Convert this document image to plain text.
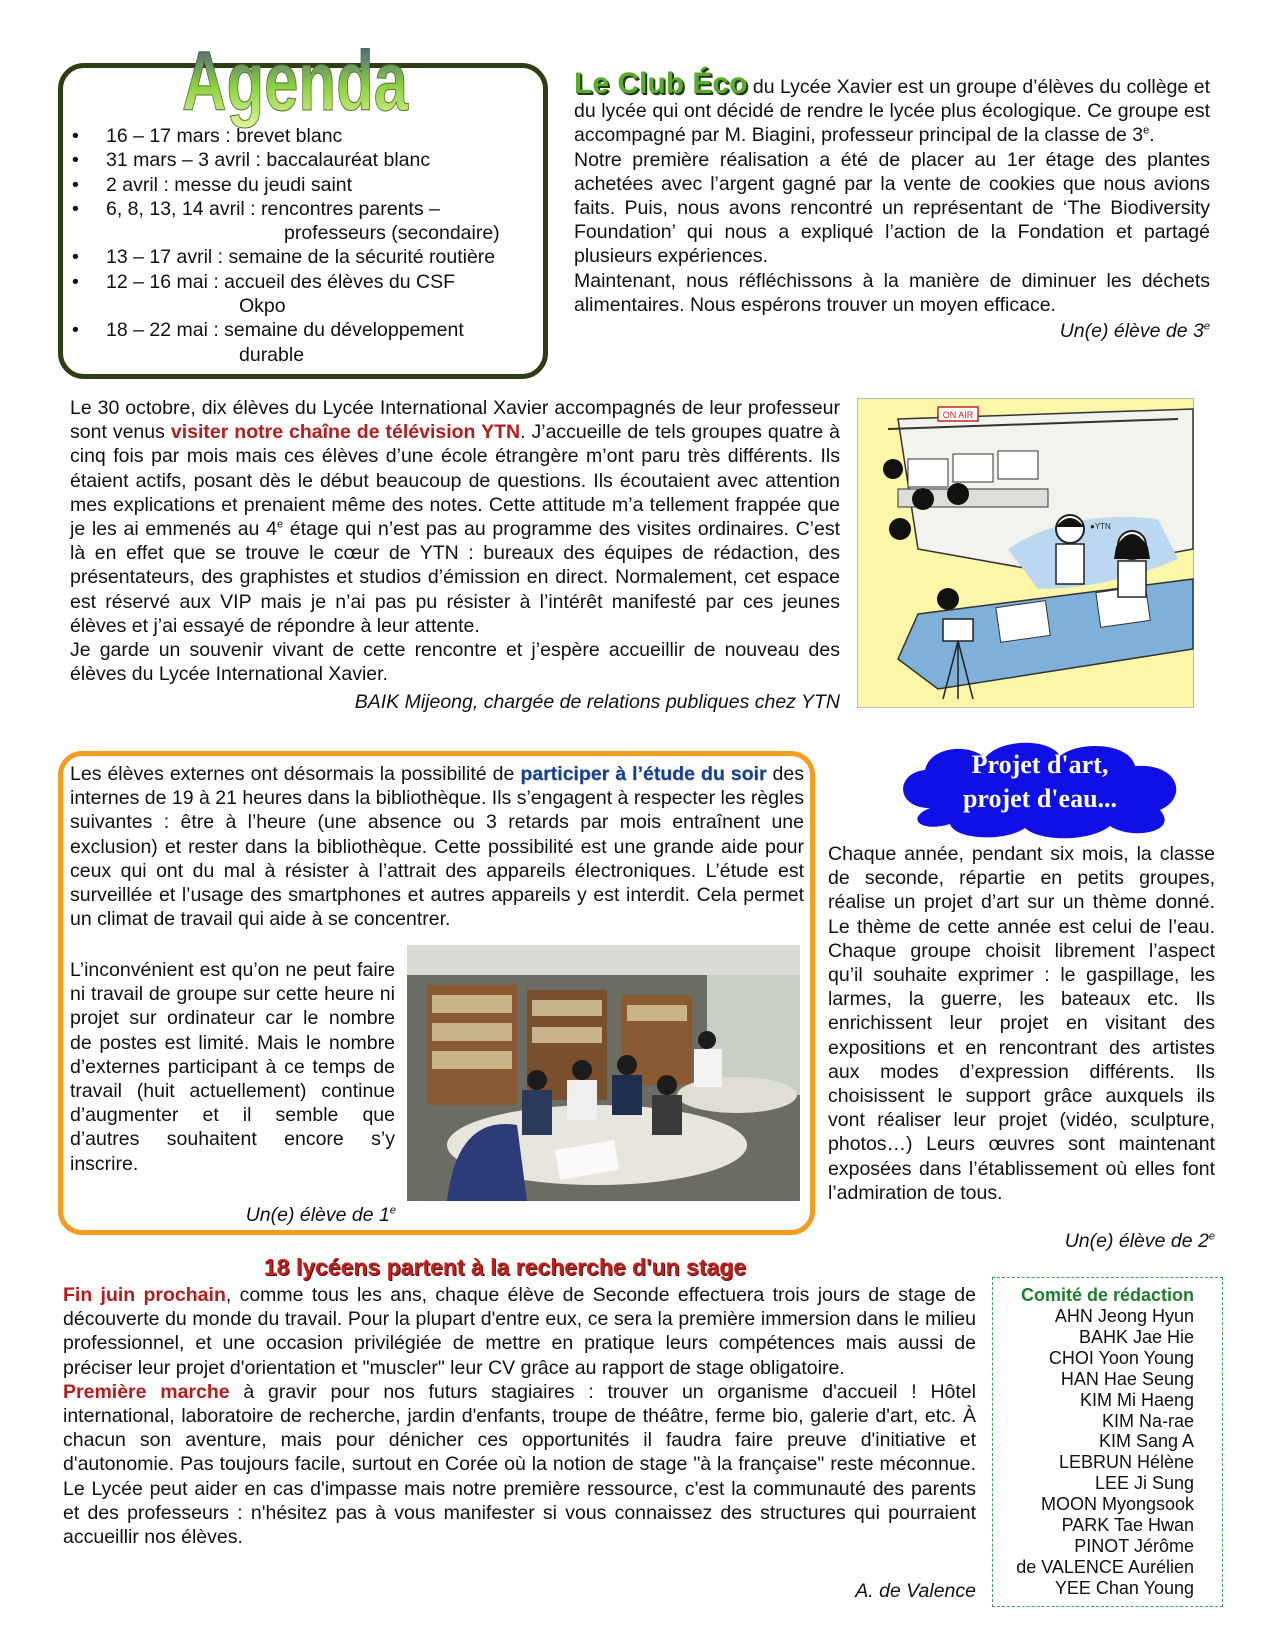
Agenda
• 16 – 17 mars : brevet blanc
• 31 mars – 3 avril : baccalauréat blanc
• 2 avril : messe du jeudi saint
• 6, 8, 13, 14 avril : rencontres parents –
professeurs (secondaire)
• 13 – 17 avril : semaine de la sécurité routière
• 12 – 16 mai : accueil des élèves du CSF
Okpo
• 18 – 22 mai : semaine du développement
durable

Le Club Éco du Lycée Xavier est un groupe d’élèves du collège et du lycée qui ont décidé de rendre le lycée plus écologique. Ce groupe est accompagné par M. Biagini, professeur principal de la classe de 3e.

Notre première réalisation a été de placer au 1er étage des plantes achetées avec l’argent gagné par la vente de cookies que nous avions faits. Puis, nous avons rencontré un représentant de ‘The Biodiversity Foundation’ qui nous a expliqué l’action de la Fondation et partagé plusieurs expériences.

Maintenant, nous réfléchissons à la manière de diminuer les déchets alimentaires. Nous espérons trouver un moyen efficace.

Un(e) élève de 3e

Le 30 octobre, dix élèves du Lycée International Xavier accompagnés de leur professeur sont venus visiter notre chaîne de télévision YTN. J’accueille de tels groupes quatre à cinq fois par mois mais ces élèves d’une école étrangère m’ont paru très différents. Ils étaient actifs, posant dès le début beaucoup de questions. Ils écoutaient avec attention mes explications et prenaient même des notes. Cette attitude m’a tellement frappée que je les ai emmenés au 4e étage qui n’est pas au programme des visites ordinaires. C’est là en effet que se trouve le cœur de YTN : bureaux des équipes de rédaction, des présentateurs, des graphistes et studios d’émission en direct. Normalement, cet espace est réservé aux VIP mais je n’ai pas pu résister à l’intérêt manifesté par ces jeunes élèves et j’ai essayé de répondre à leur attente.

Je garde un souvenir vivant de cette rencontre et j’espère accueillir de nouveau des élèves du Lycée International Xavier.

BAIK Mijeong, chargée de relations publiques chez YTN

ON AIR
●YTN

Les élèves externes ont désormais la possibilité de participer à l’étude du soir des internes de 19 à 21 heures dans la bibliothèque. Ils s’engagent à respecter les règles suivantes : être à l’heure (une absence ou 3 retards par mois entraînent une exclusion) et rester dans la bibliothèque. Cette possibilité est une grande aide pour ceux qui ont du mal à résister à l’attrait des appareils électroniques. L’étude est surveillée et l’usage des smartphones et autres appareils y est interdit. Cela permet un climat de travail qui aide à se concentrer.

L’inconvénient est qu’on ne peut faire ni travail de groupe sur cette heure ni projet sur ordinateur car le nombre de postes est limité. Mais le nombre d’externes participant à ce temps de travail (huit actuellement) continue d’augmenter et il semble que d’autres souhaitent encore s’y inscrire.

Un(e) élève de 1e

Projet d'art,
projet d'eau...

Chaque année, pendant six mois, la classe de seconde, répartie en petits groupes, réalise un projet d’art sur un thème donné. Le thème de cette année est celui de l’eau. Chaque groupe choisit librement l’aspect qu’il souhaite exprimer : le gaspillage, les larmes, la guerre, les bateaux etc. Ils enrichissent leur projet en visitant des expositions et en rencontrant des artistes aux modes d’expression différents. Ils choisissent le support grâce auxquels ils vont réaliser leur projet (vidéo, sculpture, photos…) Leurs œuvres sont maintenant exposées dans l’établissement où elles font l’admiration de tous.

Un(e) élève de 2e

18 lycéens partent à la recherche d'un stage

Fin juin prochain, comme tous les ans, chaque élève de Seconde effectuera trois jours de stage de découverte du monde du travail. Pour la plupart d'entre eux, ce sera la première immersion dans le milieu professionnel, et une occasion privilégiée de mettre en pratique leurs compétences mais aussi de préciser leur projet d'orientation et "muscler" leur CV grâce au rapport de stage obligatoire.

Première marche à gravir pour nos futurs stagiaires : trouver un organisme d'accueil ! Hôtel international, laboratoire de recherche, jardin d'enfants, troupe de théâtre, ferme bio, galerie d'art, etc. À chacun son aventure, mais pour dénicher ces opportunités il faudra faire preuve d'initiative et d'autonomie. Pas toujours facile, surtout en Corée où la notion de stage "à la française" reste méconnue. Le Lycée peut aider en cas d'impasse mais notre première ressource, c'est la communauté des parents et des professeurs : n'hésitez pas à vous manifester si vous connaissez des structures qui pourraient accueillir nos élèves.

A. de Valence

Comité de rédaction
AHN Jeong Hyun
BAHK Jae Hie
CHOI Yoon Young
HAN Hae Seung
KIM Mi Haeng
KIM Na-rae
KIM Sang A
LEBRUN Hélène
LEE Ji Sung
MOON Myongsook
PARK Tae Hwan
PINOT Jérôme
de VALENCE Aurélien
YEE Chan Young
